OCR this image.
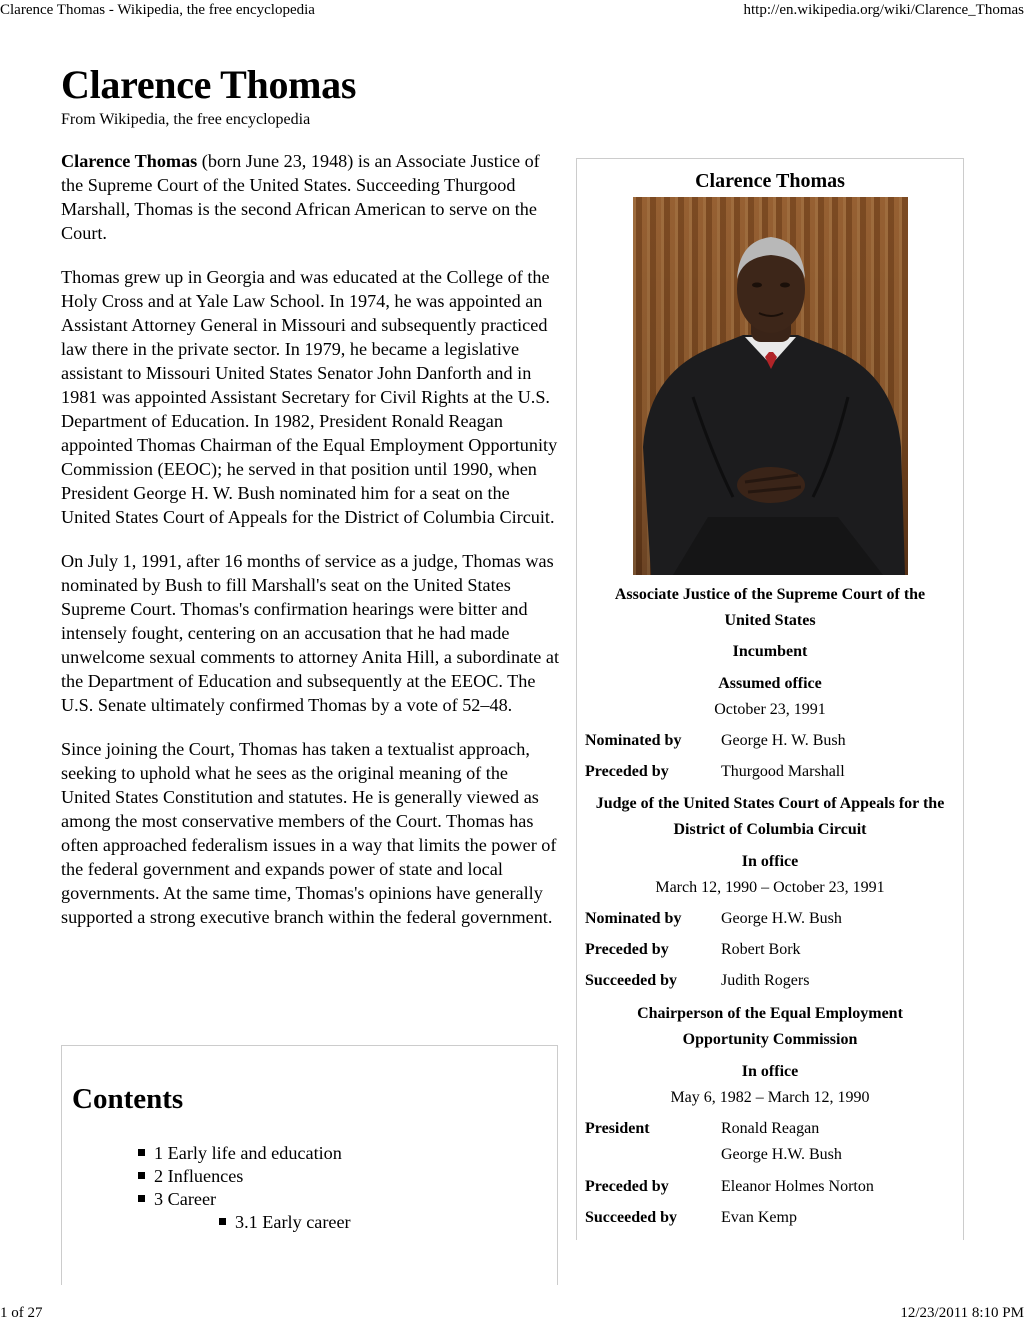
Clarence Thomas - Wikipedia, the free encyclopedia	http://en.wikipedia.org/wiki/Clarence_Thomas
Clarence Thomas
From Wikipedia, the free encyclopedia

Clarence Thomas (born June 23, 1948) is an Associate Justice of the Supreme Court of the United States. Succeeding Thurgood Marshall, Thomas is the second African American to serve on the Court.

Thomas grew up in Georgia and was educated at the College of the Holy Cross and at Yale Law School. In 1974, he was appointed an Assistant Attorney General in Missouri and subsequently practiced law there in the private sector. In 1979, he became a legislative assistant to Missouri United States Senator John Danforth and in 1981 was appointed Assistant Secretary for Civil Rights at the U.S. Department of Education. In 1982, President Ronald Reagan appointed Thomas Chairman of the Equal Employment Opportunity Commission (EEOC); he served in that position until 1990, when President George H. W. Bush nominated him for a seat on the United States Court of Appeals for the District of Columbia Circuit.

On July 1, 1991, after 16 months of service as a judge, Thomas was nominated by Bush to fill Marshall's seat on the United States Supreme Court. Thomas's confirmation hearings were bitter and intensely fought, centering on an accusation that he had made unwelcome sexual comments to attorney Anita Hill, a subordinate at the Department of Education and subsequently at the EEOC. The U.S. Senate ultimately confirmed Thomas by a vote of 52–48.

Since joining the Court, Thomas has taken a textualist approach, seeking to uphold what he sees as the original meaning of the United States Constitution and statutes. He is generally viewed as among the most conservative members of the Court. Thomas has often approached federalism issues in a way that limits the power of the federal government and expands power of state and local governments. At the same time, Thomas's opinions have generally supported a strong executive branch within the federal government.

Contents
1 Early life and education
2 Influences
3 Career
3.1 Early career
Clarence Thomas
Associate Justice of the Supreme Court of the United States
Incumbent
Assumed office
October 23, 1991
Nominated by George H. W. Bush
Preceded by	Thurgood Marshall
Judge of the United States Court of Appeals for the District of Columbia Circuit
In office
March 12, 1990 – October 23, 1991
Nominated by George H.W. Bush
Preceded by	Robert Bork
Succeeded by	Judith Rogers
Chairperson of the Equal Employment Opportunity Commission
In office
May 6, 1982 – March 12, 1990
President	Ronald Reagan
George H.W. Bush
Preceded by	Eleanor Holmes Norton
Succeeded by	Evan Kemp
1 of 27	12/23/2011 8:10 PM
